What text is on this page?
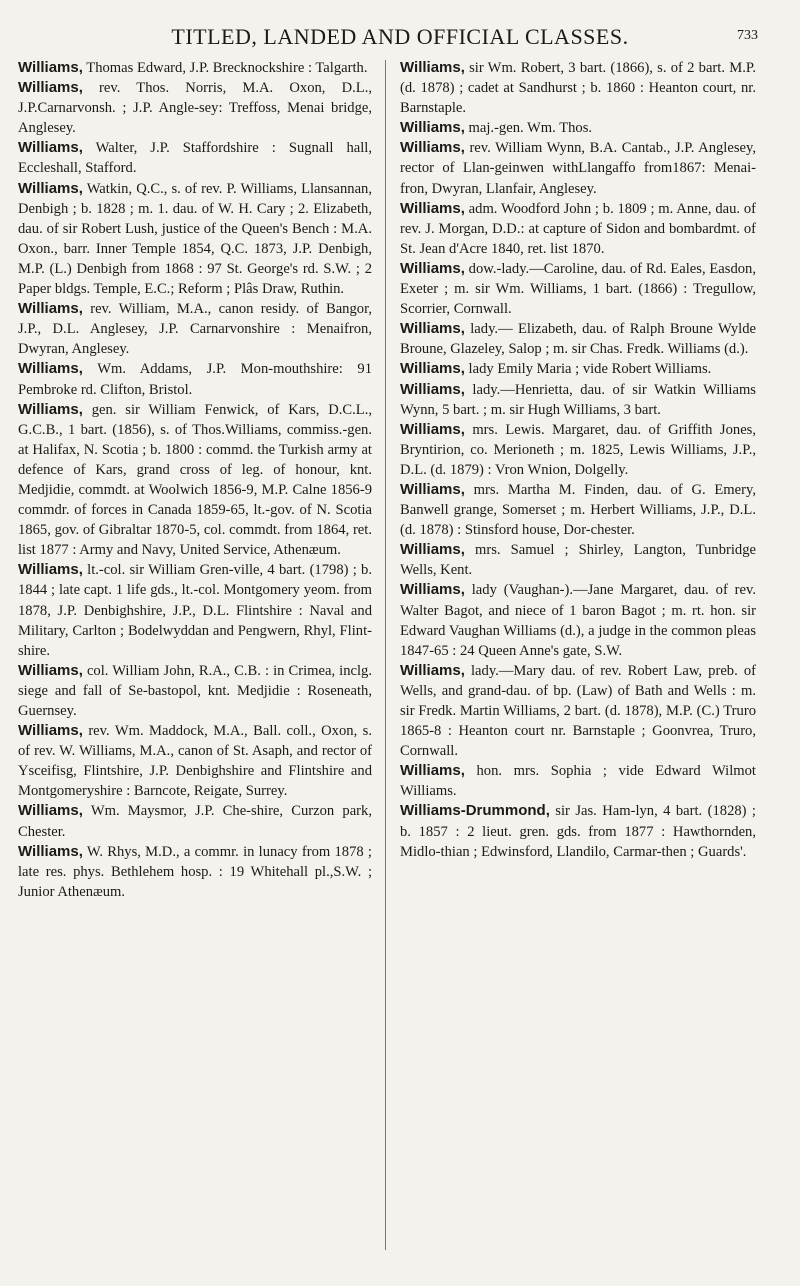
TITLED, LANDED AND OFFICIAL CLASSES.	733

Williams, Thomas Edward, J.P. Brecknockshire : Talgarth.

Williams, rev. Thos. Norris, M.A. Oxon, D.L., J.P.Carnarvonsh. ; J.P. Angle-sey: Treffoss, Menai bridge, Anglesey.

Williams, Walter, J.P. Staffordshire : Sugnall hall, Eccleshall, Stafford.

Williams, Watkin, Q.C., s. of rev. P. Williams, Llansannan, Denbigh ; b. 1828 ; m. 1. dau. of W. H. Cary ; 2. Elizabeth, dau. of sir Robert Lush, justice of the Queen's Bench : M.A. Oxon., barr. Inner Temple 1854, Q.C. 1873, J.P. Denbigh, M.P. (L.) Denbigh from 1868 : 97 St. George's rd. S.W. ; 2 Paper bldgs. Temple, E.C.; Reform ; Plâs Draw, Ruthin.

Williams, rev. William, M.A., canon residy. of Bangor, J.P., D.L. Anglesey, J.P. Carnarvonshire : Menaifron, Dwyran, Anglesey.

Williams, Wm. Addams, J.P. Mon-mouthshire: 91 Pembroke rd. Clifton, Bristol.

Williams, gen. sir William Fenwick, of Kars, D.C.L., G.C.B., 1 bart. (1856), s. of Thos.Williams, commiss.-gen. at Halifax, N. Scotia ; b. 1800 : commd. the Turkish army at defence of Kars, grand cross of leg. of honour, knt. Medjidie, commdt. at Woolwich 1856-9, M.P. Calne 1856-9 commdr. of forces in Canada 1859-65, lt.-gov. of N. Scotia 1865, gov. of Gibraltar 1870-5, col. commdt. from 1864, ret. list 1877 : Army and Navy, United Service, Athenæum.

Williams, lt.-col. sir William Gren-ville, 4 bart. (1798) ; b. 1844 ; late capt. 1 life gds., lt.-col. Montgomery yeom. from 1878, J.P. Denbighshire, J.P., D.L. Flintshire : Naval and Military, Carlton ; Bodelwyddan and Pengwern, Rhyl, Flint-shire.

Williams, col. William John, R.A., C.B. : in Crimea, inclg. siege and fall of Se-bastopol, knt. Medjidie : Roseneath, Guernsey.

Williams, rev. Wm. Maddock, M.A., Ball. coll., Oxon, s. of rev. W. Williams, M.A., canon of St. Asaph, and rector of Ysceifisg, Flintshire, J.P. Denbighshire and Flintshire and Montgomeryshire : Barncote, Reigate, Surrey.

Williams, Wm. Maysmor, J.P. Che-shire, Curzon park, Chester.

Williams, W. Rhys, M.D., a commr. in lunacy from 1878 ; late res. phys. Bethlehem hosp. : 19 Whitehall pl.,S.W. ; Junior Athenæum.

Williams, sir Wm. Robert, 3 bart. (1866), s. of 2 bart. M.P. (d. 1878) ; cadet at Sandhurst ; b. 1860 : Heanton court, nr. Barnstaple.

Williams, maj.-gen. Wm. Thos.

Williams, rev. William Wynn, B.A. Cantab., J.P. Anglesey, rector of Llan-geinwen withLlangaffo from1867: Menai-fron, Dwyran, Llanfair, Anglesey.

Williams, adm. Woodford John ; b. 1809 ; m. Anne, dau. of rev. J. Morgan, D.D.: at capture of Sidon and bombardmt. of St. Jean d'Acre 1840, ret. list 1870.

Williams, dow.-lady.—Caroline, dau. of Rd. Eales, Easdon, Exeter ; m. sir Wm. Williams, 1 bart. (1866) : Tregullow, Scorrier, Cornwall.

Williams, lady.— Elizabeth, dau. of Ralph Broune Wylde Broune, Glazeley, Salop ; m. sir Chas. Fredk. Williams (d.).

Williams, lady Emily Maria ; vide Robert Williams.

Williams, lady.—Henrietta, dau. of sir Watkin Williams Wynn, 5 bart. ; m. sir Hugh Williams, 3 bart.

Williams, mrs. Lewis. Margaret, dau. of Griffith Jones, Bryntirion, co. Merioneth ; m. 1825, Lewis Williams, J.P., D.L. (d. 1879) : Vron Wnion, Dolgelly.

Williams, mrs. Martha M. Finden, dau. of G. Emery, Banwell grange, Somerset ; m. Herbert Williams, J.P., D.L. (d. 1878) : Stinsford house, Dor-chester.

Williams, mrs. Samuel ; Shirley, Langton, Tunbridge Wells, Kent.

Williams, lady (Vaughan-).—Jane Margaret, dau. of rev. Walter Bagot, and niece of 1 baron Bagot ; m. rt. hon. sir Edward Vaughan Williams (d.), a judge in the common pleas 1847-65 : 24 Queen Anne's gate, S.W.

Williams, lady.—Mary dau. of rev. Robert Law, preb. of Wells, and grand-dau. of bp. (Law) of Bath and Wells : m. sir Fredk. Martin Williams, 2 bart. (d. 1878), M.P. (C.) Truro 1865-8 : Heanton court nr. Barnstaple ; Goonvrea, Truro, Cornwall.

Williams, hon. mrs. Sophia ; vide Edward Wilmot Williams.

Williams-Drummond, sir Jas. Ham-lyn, 4 bart. (1828) ; b. 1857 : 2 lieut. gren. gds. from 1877 : Hawthornden, Midlo-thian ; Edwinsford, Llandilo, Carmar-then ; Guards'.
